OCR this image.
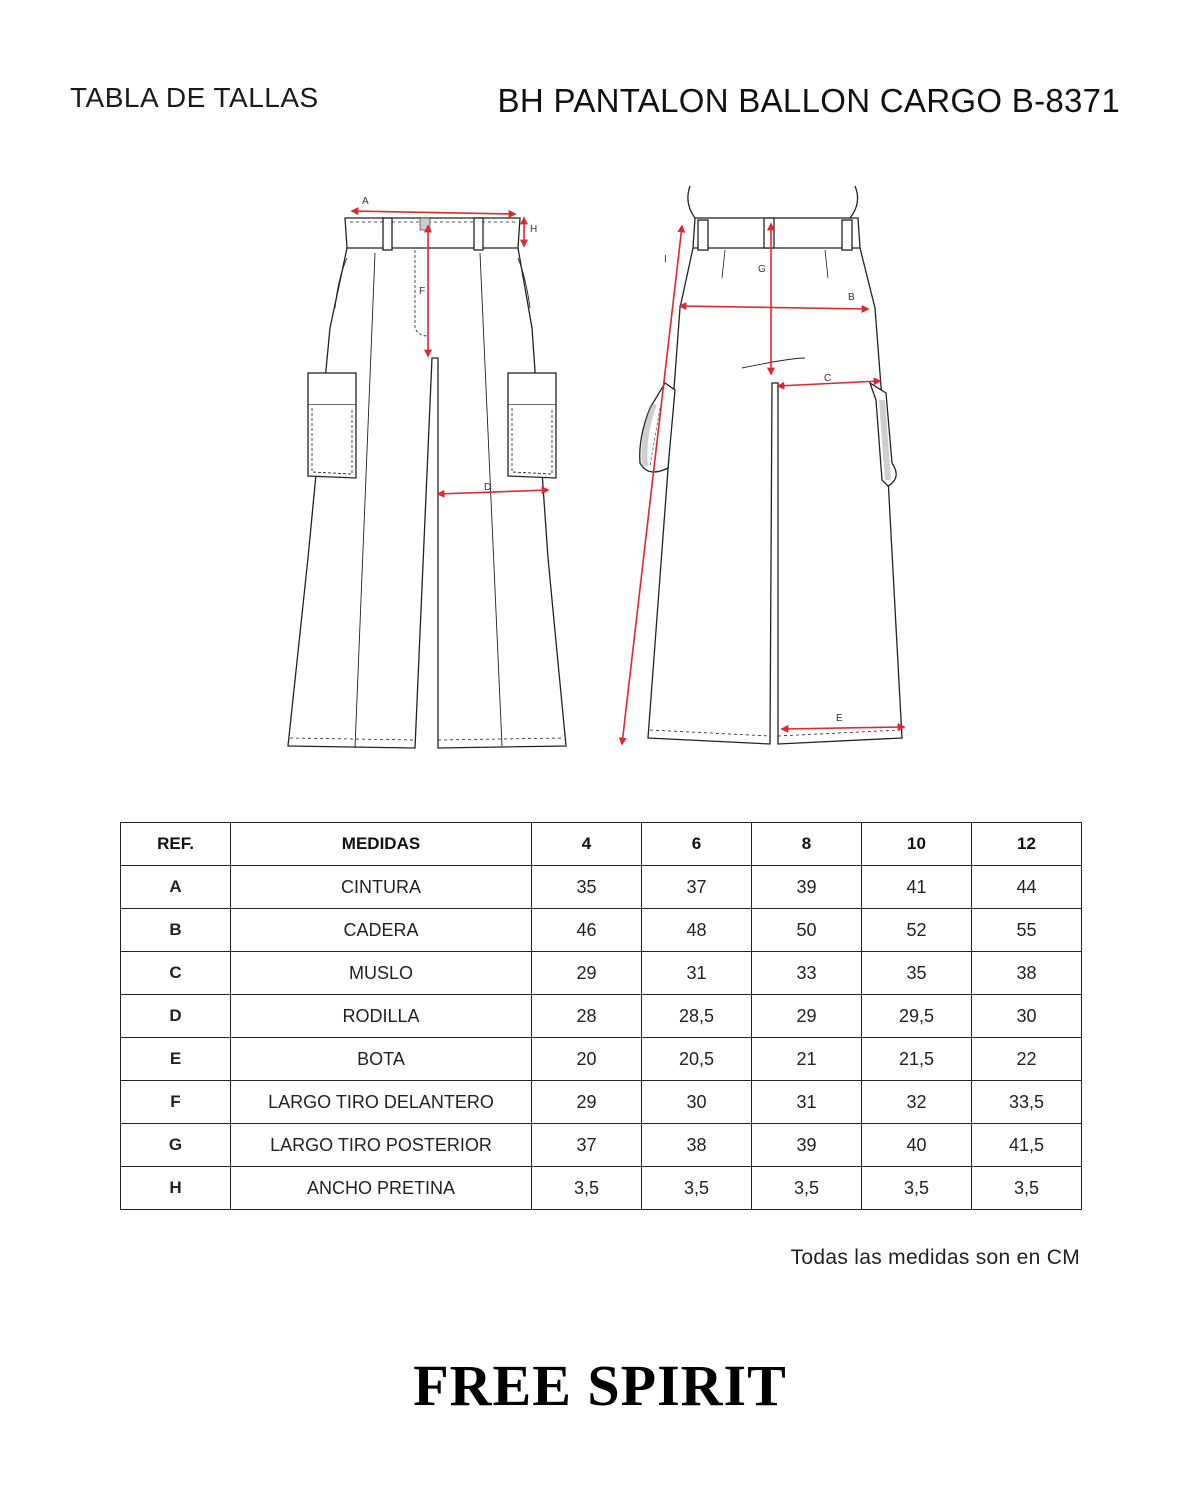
TABLA DE TALLAS	BH PANTALON BALLON CARGO B-8371
A
H
F
D
I
G
B
C
E
REF.	MEDIDAS	4	6	8	10	12
A	CINTURA	35	37	39	41	44
B	CADERA	46	48	50	52	55
C	MUSLO	29	31	33	35	38
D	RODILLA	28	28,5	29	29,5	30
E	BOTA	20	20,5	21	21,5	22
F	LARGO TIRO DELANTERO	29	30	31	32	33,5
G	LARGO TIRO POSTERIOR	37	38	39	40	41,5
H	ANCHO PRETINA	3,5	3,5	3,5	3,5	3,5
Todas las medidas son en CM
FREE SPIRIT
